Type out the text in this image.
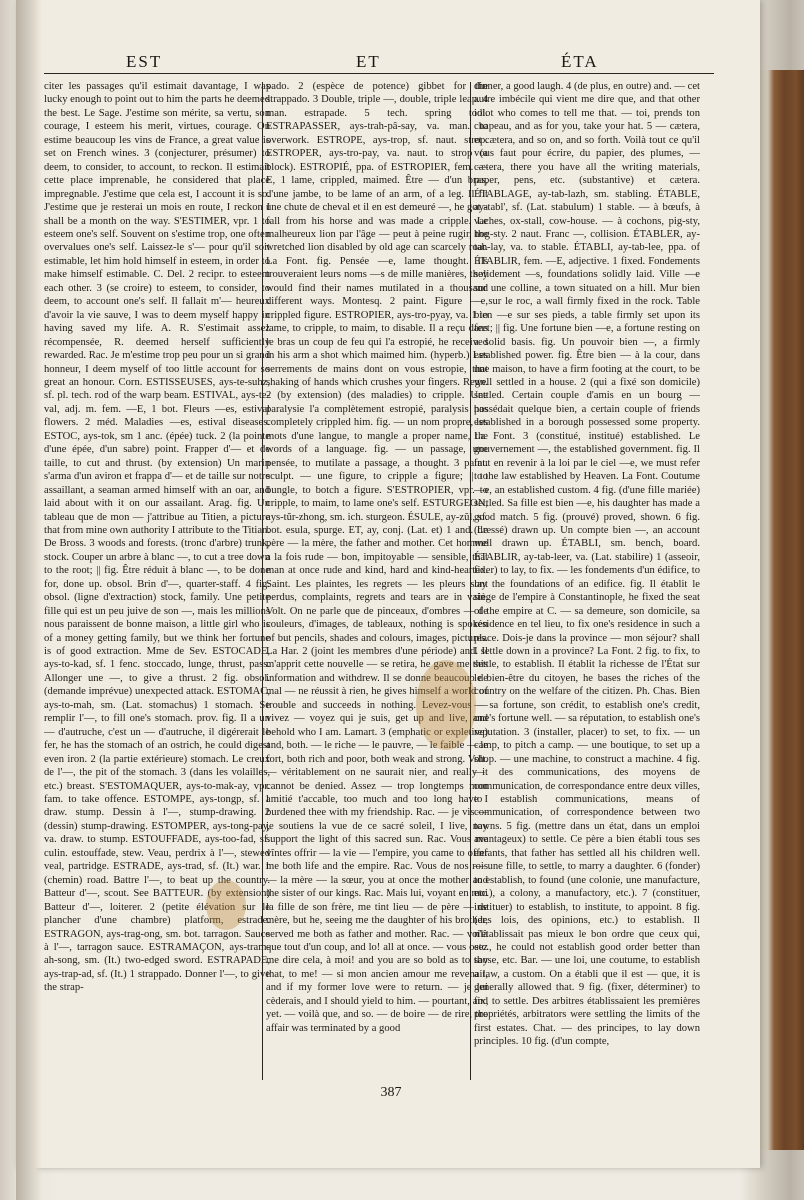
EST	ET	ÉTA

citer les passages qu'il estimait davantage, I was lucky enough to point out to him the parts he deemed the best. Le Sage. J'estime son mérite, sa vertu, son courage, I esteem his merit, virtues, courage. On estime beaucoup les vins de France, a great value is set on French wines. 3 (conjecturer, présumer) to deem, to consider, to account, to reckon. Il estimait cette place imprenable, he considered that place impregnable. J'estime que cela est, I account it is so. J'estime que je resterai un mois en route, I reckon I shall be a month on the way. S'ESTIMER, vpr. 1 to esteem one's self. Souvent on s'estime trop, one often overvalues one's self. Laissez-le s'— pour qu'il soit estimable, let him hold himself in esteem, in order to make himself estimable. C. Del. 2 recipr. to esteem each other. 3 (se croire) to esteem, to consider, to deem, to account one's self. Il fallait m'— heureux d'avoir la vie sauve, I was to deem myself happy in having saved my life. A. R. S'estimait assez récompensée, R. deemed herself sufficiently rewarded. Rac. Je m'estime trop peu pour un si grand honneur, I deem myself of too little account for so great an honour. Corn. ESTISSEUSES, ays-te-suhz, sf. pl. tech. rod of the warp beam. ESTIVAL, ays-te-val, adj. m. fem. —E, 1 bot. Fleurs —es, estival flowers. 2 méd. Maladies —es, estival diseases. ESTOC, ays-tok, sm 1 anc. (épée) tuck. 2 (la pointe d'une épée, d'un sabre) point. Frapper d'— et de taille, to cut and thrust. (by extension) Un marin s'arma d'un aviron et frappa d'— et de taille sur notre assaillant, a seaman armed himself with an oar, and laid about with it on our assailant. Arag. fig. Un tableau que de mon — j'attribue au Titien, a picture that from mine own authority I attribute to the Titian. De Bross. 3 woods and forests. (tronc d'arbre) trunk, stock. Couper un arbre à blanc —, to cut a tree down to the root; || fig. Être réduit à blanc —, to be done for, done up. obsol. Brin d'—, quarter-staff. 4 fig. obsol. (ligne d'extraction) stock, family. Une petite fille qui est un peu juive de son —, mais les millions nous paraissent de bonne maison, a little girl who is of a money getting family, but we think her fortune is of good extraction. Mme de Sev. ESTOCADE, ays-to-kad, sf. 1 fenc. stoccado, lunge, thrust, pass. Allonger une —, to give a thrust. 2 fig. obsol. (demande imprévue) unexpected attack. ESTOMAC, ays-to-mah, sm. (Lat. stomachus) 1 stomach. Se remplir l'—, to fill one's stomach. prov. fig. Il a un — d'autruche, c'est un — d'autruche, il digérerait le fer, he has the stomach of an ostrich, he could digest even iron. 2 (la partie extérieure) stomach. Le creux de l'—, the pit of the stomach. 3 (dans les volailles, etc.) breast. S'ESTOMAQUER, ays-to-mak-ay, vpr. fam. to take offence. ESTOMPE, ays-tongp, sf. 1 draw. stump. Dessin à l'—, stump-drawing. 2 (dessin) stump-drawing. ESTOMPER, ays-tong-pay, va. draw. to stump. ESTOUFFADE, ays-too-fad, sf. culin. estouffade, stew. Veau, perdrix à l'—, stewed veal, partridge. ESTRADE, ays-trad, sf. (It.) war. 1 (chemin) road. Battre l'—, to beat up the country. Batteur d'—, scout. See BATTEUR. (by extension) Batteur d'—, loiterer. 2 (petite élévation sur le plancher d'une chambre) platform, estrade. ESTRAGON, ays-trag-ong, sm. bot. tarragon. Sauce à l'—, tarragon sauce. ESTRAMAÇON, ays-tram-ah-song, sm. (It.) two-edged sword. ESTRAPADE, ays-trap-ad, sf. (It.) 1 strappado. Donner l'—, to give the strap-

pado. 2 (espèce de potence) gibbet for the strappado. 3 Double, triple —, double, triple leap. 4 man. estrapade. 5 tech. spring tool. ESTRAPASSER, ays-trah-pâ-say, va. man. to overwork. ESTROPE, ays-trop, sf. naut. strop. ESTROPER, ays-tro-pay, va. naut. to strop (a block). ESTROPIÉ, ppa. of ESTROPIER, fem. —E, 1 lame, crippled, maimed. Être — d'un bras, d'une jambe, to be lame of an arm, of a leg. Il fit une chute de cheval et il en est demeuré —, he got a fall from his horse and was made a cripple. Le malheureux lion par l'âge — peut à peine rugir, the wretched lion disabled by old age can scarcely roar. La Font. fig. Pensée —e, lame thought. Ils trouveraient leurs noms —s de mille manières, they would find their names mutilated in a thousand different ways. Montesq. 2 paint. Figure —e, crippled figure. ESTROPIER, ays-tro-pyay, va. 1 to lame, to cripple, to maim, to disable. Il a reçu dans le bras un coup de feu qui l'a estropié, he received in his arm a shot which maimed him. (hyperb.) Les serrements de mains dont on vous estropie, that shaking of hands which crushes your fingers. Regn. 2 (by extension) (des maladies) to cripple. Une paralysie l'a complètement estropié, paralysis has completely crippled him. fig. — un nom propre, les mots d'une langue, to mangle a proper name, the words of a language. fig. — un passage, une pensée, to mutilate a passage, a thought. 3 paint. sculpt. — une figure, to cripple a figure; || to bungle, to botch a figure. S'ESTROPIER, vpr. to cripple, to maim, to lame one's self. ESTURGEON, ays-tŭr-zhong, sm. ich. sturgeon. ÉSULE, ay-zŭl, sf. bot. esula, spurge. ET, ay, conj. (Lat. et) 1 and. Le père — la mère, the father and mother. Cet homme a la fois rude — bon, impitoyable — sensible, that man at once rude and kind, hard and kind-hearted. Saint. Les plaintes, les regrets — les pleurs sont perdus, complaints, regrets and tears are in vain. Volt. On ne parle que de pinceaux, d'ombres — de couleurs, d'images, de tableaux, nothing is spoken of but pencils, shades and colours, images, pictures. La Har. 2 (joint les membres d'une période) and. Il m'apprit cette nouvelle — se retira, he gave me this information and withdrew. Il se donne beaucoup de mal — ne réussit à rien, he gives himself a world of trouble and succeeds in nothing. Levez-vous — vivez — voyez qui je suis, get up and live, and behold who I am. Lamart. 3 (emphatic or expletive) and, both. — le riche — le pauvre, — le faible — le fort, both rich and poor, both weak and strong. Volt. — véritablement on ne saurait nier, and really it cannot be denied. Assez — trop longtemps mon amitié t'accable, too much and too long have I burdened thee with my friendship. Rac. — je vis — je soutiens la vue de ce sacré soleil, I live, nay support the light of this sacred sun. Rac. Vous me vîntes offrir — la vie — l'empire, you came to offer me both life and the empire. Rac. Vous de nos rois — la mère — la sœur, you at once the mother and the sister of our kings. Rac. Mais lui, voyant en moi la fille de son frère, me tint lieu — de père — de mère, but he, seeing me the daughter of his brother, served me both as father and mother. Rac. — voilà que tout d'un coup, and lo! all at once. — vous osez me dire cela, à moi! and you are so bold as to say that, to me! — si mon ancien amour me revenait, and if my former love were to return. — je lui cèderais, and I should yield to him. — pourtant, and yet. — voilà que, and so. — de boire — de rire, the affair was terminated by a good

dinner, a good laugh. 4 (de plus, en outre) and. — cet autre imbécile qui vient me dire que, and that other idiot who comes to tell me that. — toi, prends ton chapeau, and as for you, take your hat. 5 — cætera, et cætera, and so on, and so forth. Voilà tout ce qu'il vous faut pour écrire, du papier, des plumes, — cætera, there you have all the writing materials, paper, pens, etc. (substantive) et cætera. ÉTABLAGE, ay-tab-lazh, sm. stabling. ÉTABLE, ay-tabl', sf. (Lat. stabulum) 1 stable. — à bœufs, à vaches, ox-stall, cow-house. — à cochons, pig-sty, hog-sty. 2 naut. Franc —, collision. ÉTABLER, ay-tab-lay, va. to stable. ÉTABLI, ay-tab-lee, ppa. of ÉTABLIR, fem. —E, adjective. 1 fixed. Fondements solidement —s, foundations solidly laid. Ville —e sur une colline, a town situated on a hill. Mur bien — sur le roc, a wall firmly fixed in the rock. Table bien —e sur ses pieds, a table firmly set upon its feet; || fig. Une fortune bien —e, a fortune resting on a solid basis. fig. Un pouvoir bien —, a firmly established power. fig. Être bien — à la cour, dans une maison, to have a firm footing at the court, to be well settled in a house. 2 (qui a fixé son domicile) settled. Certain couple d'amis en un bourg — possédait quelque bien, a certain couple of friends established in a borough possessed some property. La Font. 3 (constitué, institué) established. Le gouvernement —, the established government. fig. Il faut en revenir à la loi par le ciel —e, we must refer to the law established by Heaven. La Font. Coutume —e, an established custom. 4 fig. (d'une fille mariée) settled. Sa fille est bien —e, his daughter has made a good match. 5 fig. (prouvé) proved, shown. 6 fig. (dressé) drawn up. Un compte bien —, an account well drawn up. ÉTABLI, sm. bench, board. ÉTABLIR, ay-tab-leer, va. (Lat. stabilire) 1 (asseoir, fixer) to lay, to fix. — les fondements d'un édifice, to lay the foundations of an edifice. fig. Il établit le siège de l'empire à Constantinople, he fixed the seat of the empire at C. — sa demeure, son domicile, sa résidence en tel lieu, to fix one's residence in such a place. Dois-je dans la province — mon séjour? shall I settle down in a province? La Font. 2 fig. to fix, to settle, to establish. Il établit la richesse de l'État sur le bien-être du citoyen, he bases the riches of the country on the welfare of the citizen. Ph. Chas. Bien — sa fortune, son crédit, to establish one's credit, one's fortune well. — sa réputation, to establish one's reputation. 3 (installer, placer) to set, to fix. — un camp, to pitch a camp. — une boutique, to set up a shop. — une machine, to construct a machine. 4 fig. — des communications, des moyens de communication, de correspondance entre deux villes, to establish communications, means of communication, of correspondence between two towns. 5 fig. (mettre dans un état, dans un emploi avantageux) to settle. Ce père a bien établi tous ses enfants, that father has settled all his children well. — une fille, to settle, to marry a daughter. 6 (fonder) to establish, to found (une colonie, une manufacture, etc.), a colony, a manufactory, etc.). 7 (constituer, instituer) to establish, to institute, to appoint. 8 fig. (des lois, des opinions, etc.) to establish. Il n'établissait pas mieux le bon ordre que ceux qui, etc., he could not establish good order better than those, etc. Bar. — une loi, une coutume, to establish a law, a custom. On a établi que il est — que, it is generally allowed that. 9 fig. (fixer, déterminer) to fix, to settle. Des arbitres établissaient les premières propriétés, arbitrators were settling the limits of the first estates. Chat. — des principes, to lay down principles. 10 fig. (d'un compte,

387
